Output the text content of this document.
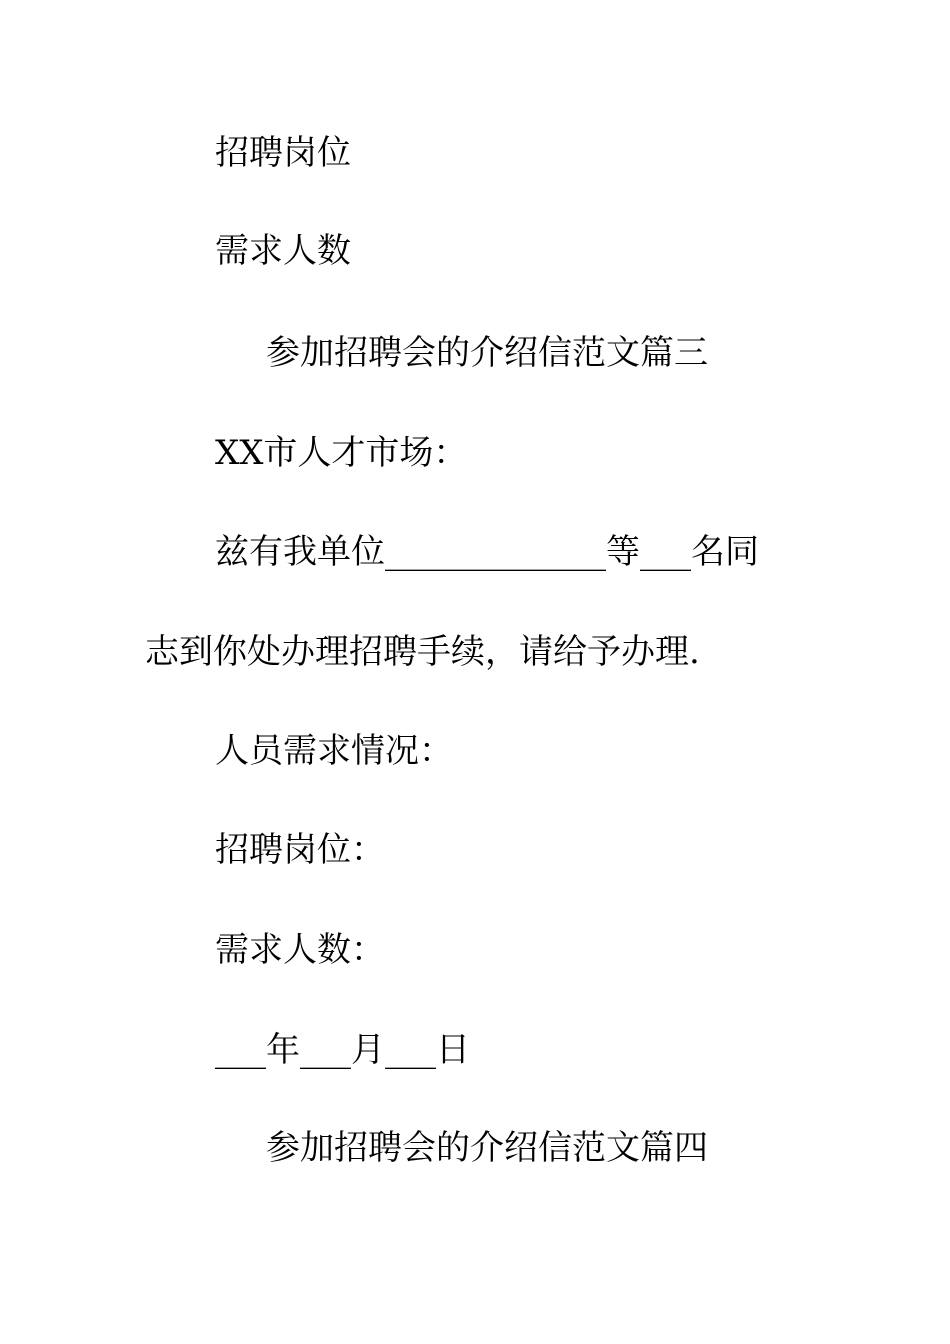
招聘岗位
需求人数
参加招聘会的介绍信范文篇三
XX市人才市场：
兹有我单位_____________等___名同
志到你处办理招聘手续，请给予办理.
人员需求情况：
招聘岗位：
需求人数：
___年___月___日
参加招聘会的介绍信范文篇四
